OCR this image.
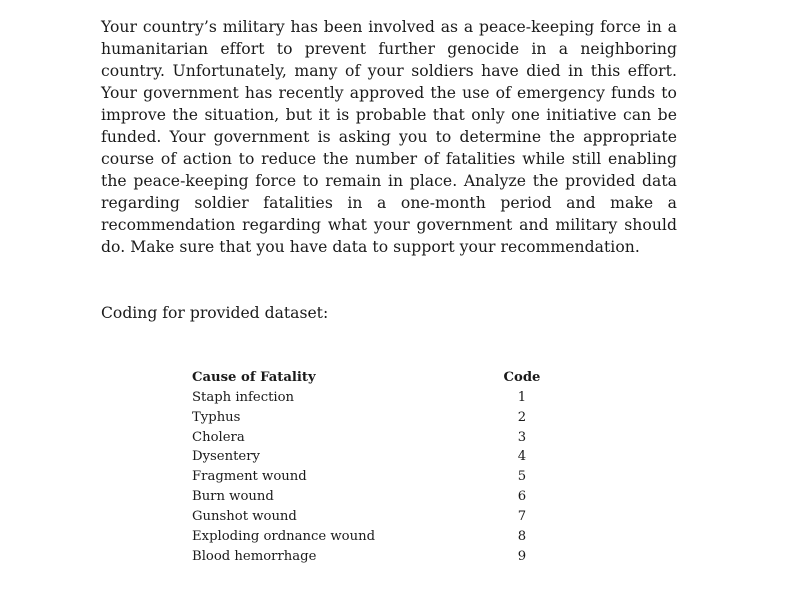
Your country’s military has been involved as a peace-keeping force in a humanitarian effort to prevent further genocide in a neighboring country. Unfortunately, many of your soldiers have died in this effort. Your government has recently approved the use of emergency funds to improve the situation, but it is probable that only one initiative can be funded. Your government is asking you to determine the appropriate course of action to reduce the number of fatalities while still enabling the peace-keeping force to remain in place. Analyze the provided data regarding soldier fatalities in a one-month period and make a recommendation regarding what your government and military should do. Make sure that you have data to support your recommendation.

Coding for provided dataset:

Cause of Fatality	Code
Staph infection	1
Typhus	2
Cholera	3
Dysentery	4
Fragment wound	5
Burn wound	6
Gunshot wound	7
Exploding ordnance wound	8
Blood hemorrhage	9
